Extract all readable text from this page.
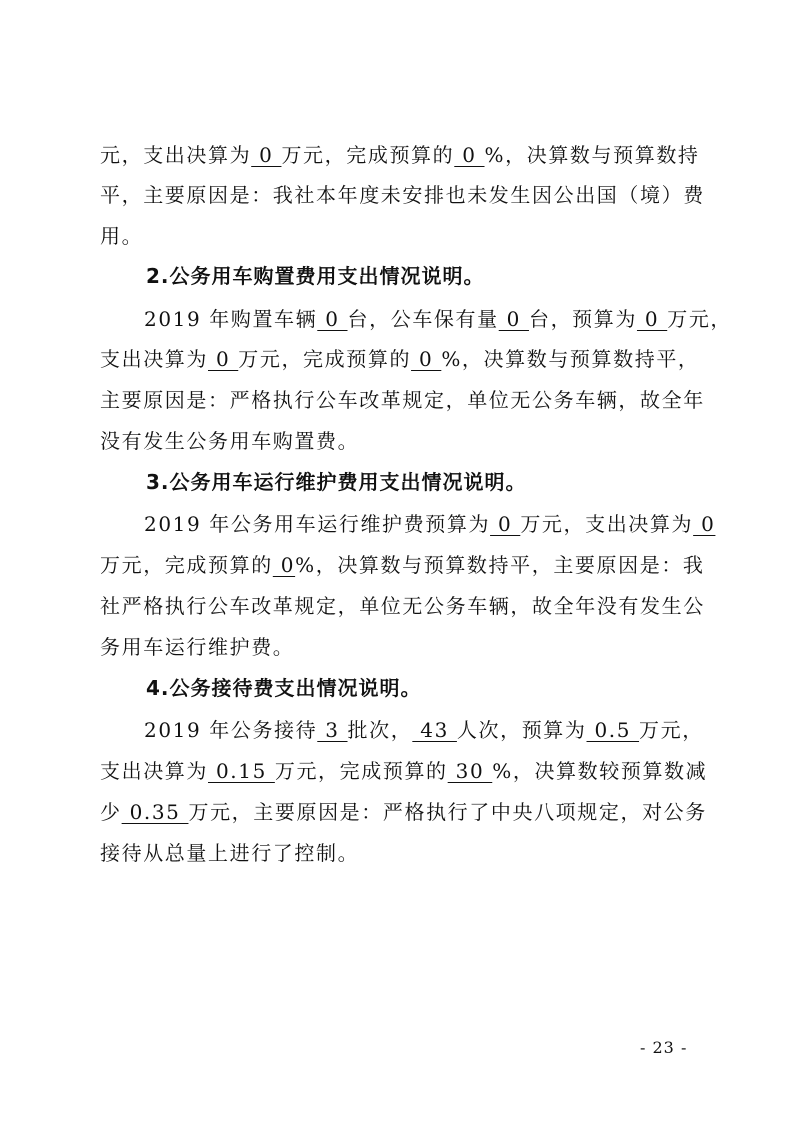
元，支出决算为 0 万元，完成预算的 0 %，决算数与预算数持
平，主要原因是：我社本年度未安排也未发生因公出国（境）费
用。
2.公务用车购置费用支出情况说明。
2019 年购置车辆 0 台，公车保有量 0 台，预算为 0 万元，
支出决算为 0 万元，完成预算的 0 %，决算数与预算数持平，
主要原因是：严格执行公车改革规定，单位无公务车辆，故全年
没有发生公务用车购置费。
3.公务用车运行维护费用支出情况说明。
2019 年公务用车运行维护费预算为 0 万元，支出决算为 0
万元，完成预算的 0%，决算数与预算数持平，主要原因是：我
社严格执行公车改革规定，单位无公务车辆，故全年没有发生公
务用车运行维护费。
4.公务接待费支出情况说明。
2019 年公务接待 3 批次， 43 人次，预算为 0.5 万元，
支出决算为 0.15 万元，完成预算的 30 %，决算数较预算数减
少 0.35 万元，主要原因是：严格执行了中央八项规定，对公务
接待从总量上进行了控制。
- 23 -
